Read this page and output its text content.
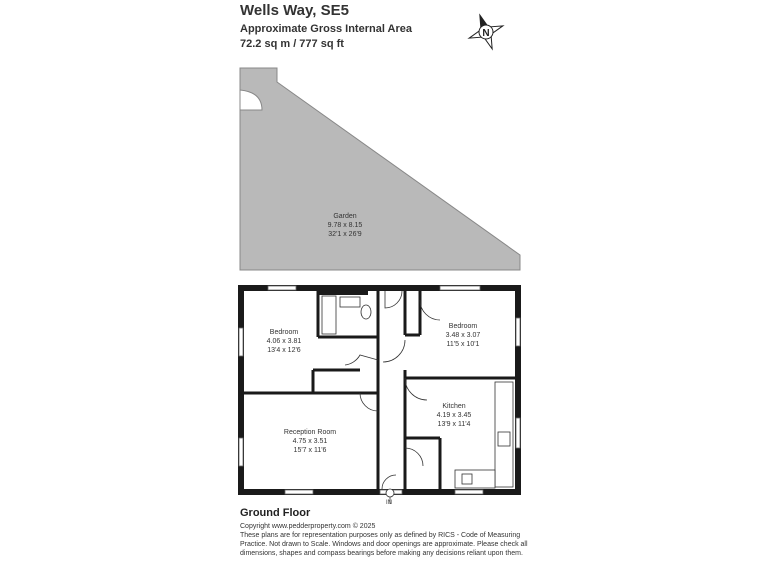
Wells Way, SE5
Approximate Gross Internal Area
72.2 sq m / 777 sq ft
N
Garden
9.78 x 8.15
32'1 x 26'9
Bedroom
4.06 x 3.81
13'4 x 12'6
Bedroom
3.48 x 3.07
11'5 x 10'1
Kitchen
4.19 x 3.45
13'9 x 11'4
Reception Room
4.75 x 3.51
15'7 x 11'6
IN
Ground Floor
Copyright www.pedderproperty.com © 2025
These plans are for representation purposes only as defined by RICS - Code of Measuring Practice. Not drawn to Scale. Windows and door openings are approximate. Please check all dimensions, shapes and compass bearings before making any decisions reliant upon them.
